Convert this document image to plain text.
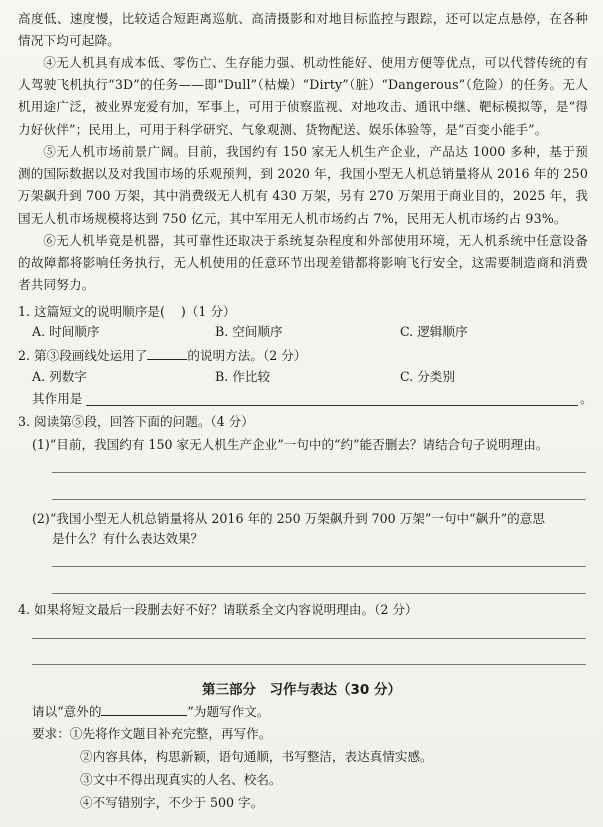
高度低、速度慢，比较适合短距离巡航、高清摄影和对地目标监控与跟踪，还可以定点悬停，在各种情况下均可起降。

④无人机具有成本低、零伤亡、生存能力强、机动性能好、使用方便等优点，可以代替传统的有人驾驶飞机执行“3D”的任务——即“Dull”（枯燥）“Dirty”（脏）“Dangerous”（危险）的任务。无人机用途广泛，被业界宠爱有加，军事上，可用于侦察监视、对地攻击、通讯中继、靶标模拟等，是“得力好伙伴”；民用上，可用于科学研究、气象观测、货物配送、娱乐体验等，是“百变小能手”。

⑤无人机市场前景广阔。目前，我国约有 150 家无人机生产企业，产品达 1000 多种，基于预测的国际数据以及对我国市场的乐观预判，到 2020 年，我国小型无人机总销量将从 2016 年的 250 万架飙升到 700 万架，其中消费级无人机有 430 万架，另有 270 万架用于商业目的，2025 年，我国无人机市场规模将达到 750 亿元，其中军用无人机市场约占 7%，民用无人机市场约占 93%。

⑥无人机毕竟是机器，其可靠性还取决于系统复杂程度和外部使用环境，无人机系统中任意设备的故障都将影响任务执行，无人机使用的任意环节出现差错都将影响飞行安全，这需要制造商和消费者共同努力。

1. 这篇短文的说明顺序是( )（1 分）
A. 时间顺序	B. 空间顺序	C. 逻辑顺序
2. 第③段画线处运用了	的说明方法。（2 分）
A. 列数字	B. 作比较	C. 分类别
其作用是	。
3. 阅读第⑤段，回答下面的问题。（4 分）
(1)“目前，我国约有 150 家无人机生产企业”一句中的“约”能否删去？请结合句子说明理由。
(2)“我国小型无人机总销量将从 2016 年的 250 万架飙升到 700 万架”一句中“飙升”的意思
是什么？有什么表达效果？
4. 如果将短文最后一段删去好不好？请联系全文内容说明理由。（2 分）
第三部分　习作与表达（30 分）
请以“意外的	”为题写作文。
要求：①先将作文题目补充完整，再写作。
②内容具体，构思新颖，语句通顺，书写整洁，表达真情实感。
③文中不得出现真实的人名、校名。
④不写错别字，不少于 500 字。
